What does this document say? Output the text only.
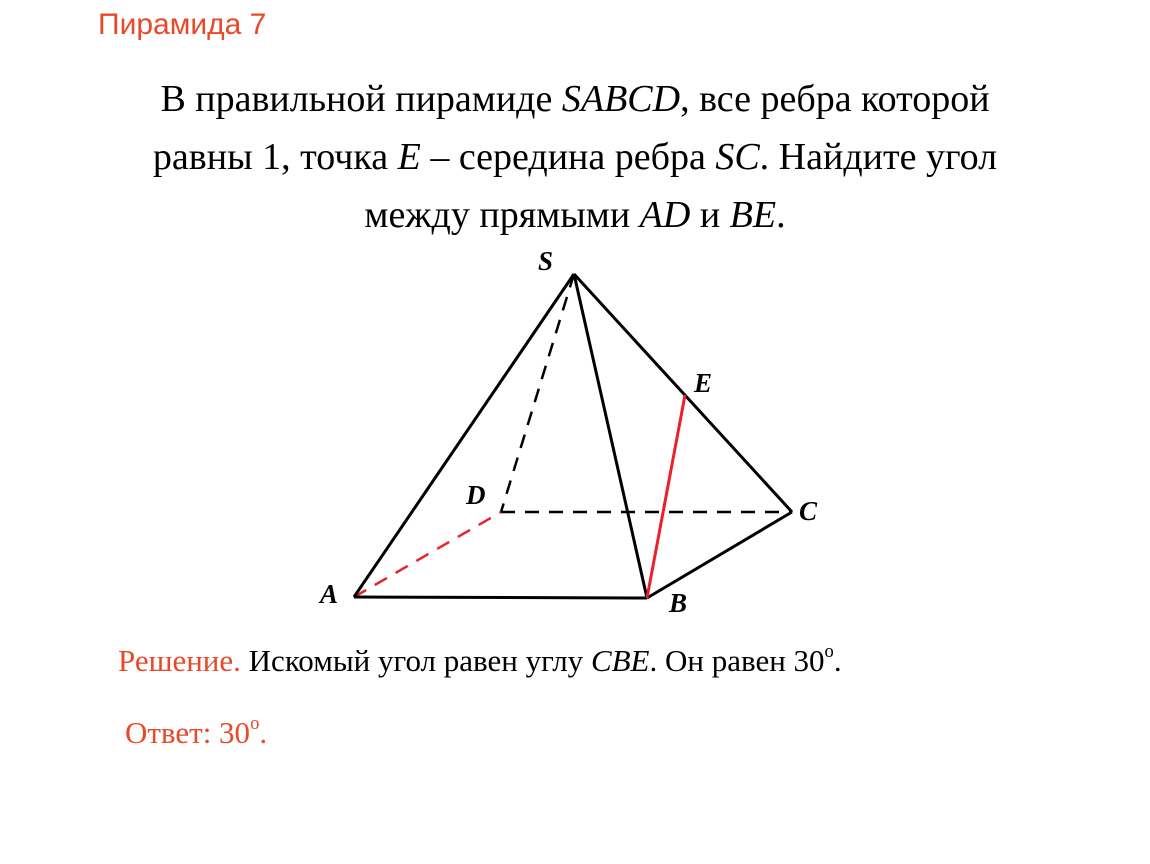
Пирамида 7
В правильной пирамиде SABCD, все ребра которой
равны 1, точка E – середина ребра SC. Найдите угол
между прямыми AD и BE.
S
E
D
C
A	B
Решение. Искомый угол равен углу CBE. Он равен 30$^o$.
Ответ: 30$^o$.
